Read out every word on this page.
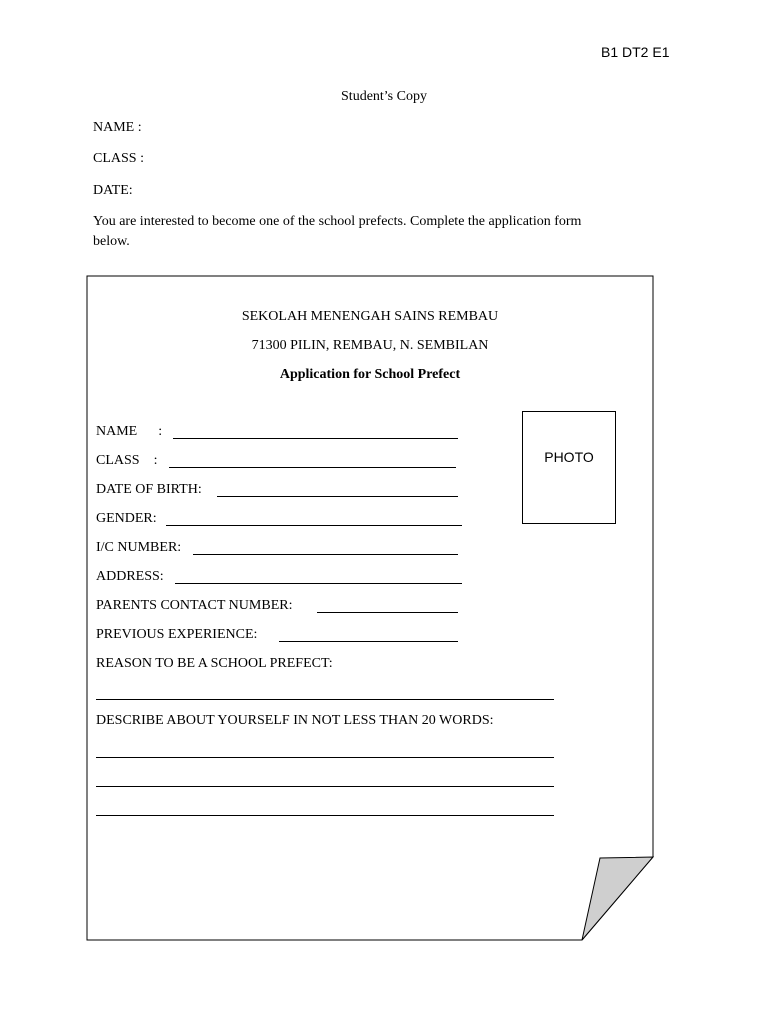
B1 DT2 E1
Student’s Copy
NAME :
CLASS :
DATE:
You are interested to become one of the school prefects. Complete the application form
below.
SEKOLAH MENENGAH SAINS REMBAU
71300 PILIN, REMBAU, N. SEMBILAN
Application for School Prefect
PHOTO
NAME      :
CLASS    :
DATE OF BIRTH:
GENDER:
I/C NUMBER:
ADDRESS:
PARENTS CONTACT NUMBER:
PREVIOUS EXPERIENCE:
REASON TO BE A SCHOOL PREFECT:
DESCRIBE ABOUT YOURSELF IN NOT LESS THAN 20 WORDS:
